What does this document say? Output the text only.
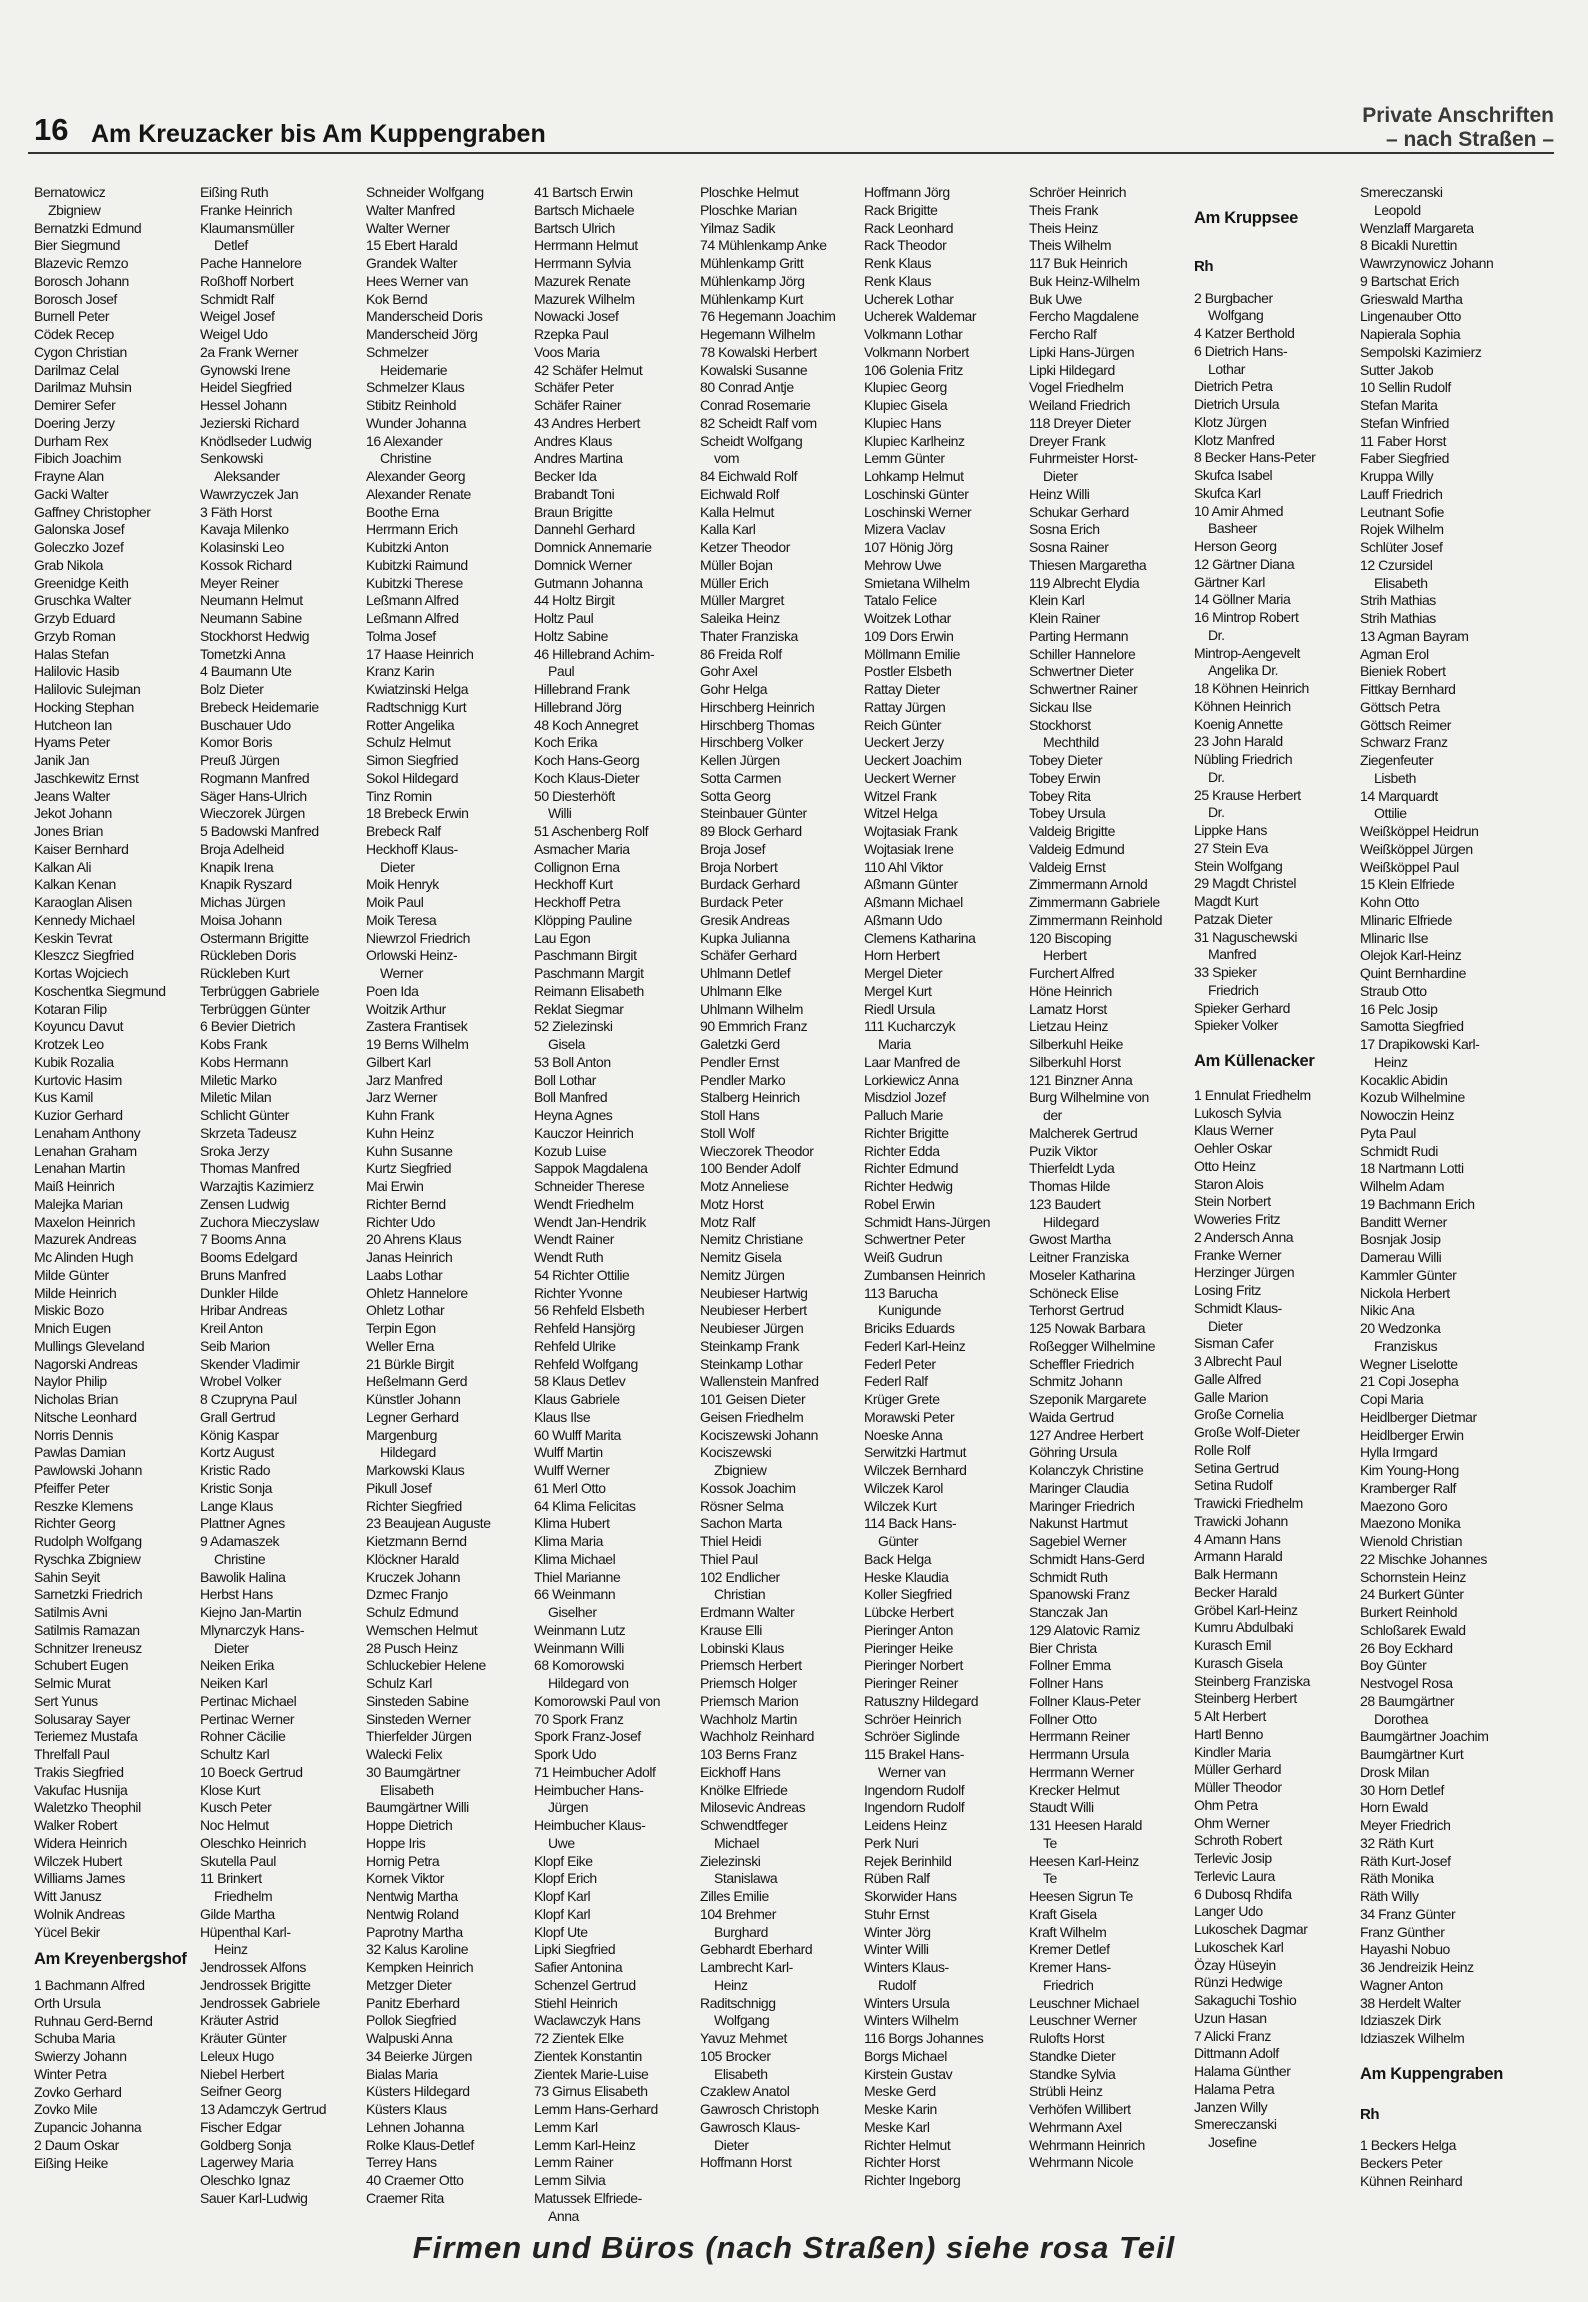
16 Am Kreuzacker bis Am Kuppengraben
Private Anschriften
– nach Straßen –
Bernatowicz
Zbigniew
Bernatzki Edmund
Bier Siegmund
Blazevic Remzo
Borosch Johann
Borosch Josef
Burnell Peter
Cödek Recep
Cygon Christian
Darilmaz Celal
Darilmaz Muhsin
Demirer Sefer
Doering Jerzy
Durham Rex
Fibich Joachim
Frayne Alan
Gacki Walter
Gaffney Christopher
Galonska Josef
Goleczko Jozef
Grab Nikola
Greenidge Keith
Gruschka Walter
Grzyb Eduard
Grzyb Roman
Halas Stefan
Halilovic Hasib
Halilovic Sulejman
Hocking Stephan
Hutcheon Ian
Hyams Peter
Janik Jan
Jaschkewitz Ernst
Jeans Walter
Jekot Johann
Jones Brian
Kaiser Bernhard
Kalkan Ali
Kalkan Kenan
Karaoglan Alisen
Kennedy Michael
Keskin Tevrat
Kleszcz Siegfried
Kortas Wojciech
Koschentka Siegmund
Kotaran Filip
Koyuncu Davut
Krotzek Leo
Kubik Rozalia
Kurtovic Hasim
Kus Kamil
Kuzior Gerhard
Lenaham Anthony
Lenahan Graham
Lenahan Martin
Maiß Heinrich
Malejka Marian
Maxelon Heinrich
Mazurek Andreas
Mc Alinden Hugh
Milde Günter
Milde Heinrich
Miskic Bozo
Mnich Eugen
Mullings Gleveland
Nagorski Andreas
Naylor Philip
Nicholas Brian
Nitsche Leonhard
Norris Dennis
Pawlas Damian
Pawlowski Johann
Pfeiffer Peter
Reszke Klemens
Richter Georg
Rudolph Wolfgang
Ryschka Zbigniew
Sahin Seyit
Sarnetzki Friedrich
Satilmis Avni
Satilmis Ramazan
Schnitzer Ireneusz
Schubert Eugen
Selmic Murat
Sert Yunus
Solusaray Sayer
Teriemez Mustafa
Threlfall Paul
Trakis Siegfried
Vakufac Husnija
Waletzko Theophil
Walker Robert
Widera Heinrich
Wilczek Hubert
Williams James
Witt Janusz
Wolnik Andreas
Yücel Bekir
Am Kreyenbergshof
1 Bachmann Alfred
Orth Ursula
Ruhnau Gerd-Bernd
Schuba Maria
Swierzy Johann
Winter Petra
Zovko Gerhard
Zovko Mile
Zupancic Johanna
2 Daum Oskar
Eißing Heike
Eißing Ruth
Franke Heinrich
Klaumansmüller
Detlef
Pache Hannelore
Roßhoff Norbert
Schmidt Ralf
Weigel Josef
Weigel Udo
2a Frank Werner
Gynowski Irene
Heidel Siegfried
Hessel Johann
Jezierski Richard
Knödlseder Ludwig
Senkowski
Aleksander
Wawrzyczek Jan
3 Fäth Horst
Kavaja Milenko
Kolasinski Leo
Kossok Richard
Meyer Reiner
Neumann Helmut
Neumann Sabine
Stockhorst Hedwig
Tometzki Anna
4 Baumann Ute
Bolz Dieter
Brebeck Heidemarie
Buschauer Udo
Komor Boris
Preuß Jürgen
Rogmann Manfred
Säger Hans-Ulrich
Wieczorek Jürgen
5 Badowski Manfred
Broja Adelheid
Knapik Irena
Knapik Ryszard
Michas Jürgen
Moisa Johann
Ostermann Brigitte
Rückleben Doris
Rückleben Kurt
Terbrüggen Gabriele
Terbrüggen Günter
6 Bevier Dietrich
Kobs Frank
Kobs Hermann
Miletic Marko
Miletic Milan
Schlicht Günter
Skrzeta Tadeusz
Sroka Jerzy
Thomas Manfred
Warzajtis Kazimierz
Zensen Ludwig
Zuchora Mieczyslaw
7 Booms Anna
Booms Edelgard
Bruns Manfred
Dunkler Hilde
Hribar Andreas
Kreil Anton
Seib Marion
Skender Vladimir
Wrobel Volker
8 Czupryna Paul
Grall Gertrud
König Kaspar
Kortz August
Kristic Rado
Kristic Sonja
Lange Klaus
Plattner Agnes
9 Adamaszek
Christine
Bawolik Halina
Herbst Hans
Kiejno Jan-Martin
Mlynarczyk Hans-
Dieter
Neiken Erika
Neiken Karl
Pertinac Michael
Pertinac Werner
Rohner Cäcilie
Schultz Karl
10 Boeck Gertrud
Klose Kurt
Kusch Peter
Noc Helmut
Oleschko Heinrich
Skutella Paul
11 Brinkert
Friedhelm
Gilde Martha
Hüpenthal Karl-
Heinz
Jendrossek Alfons
Jendrossek Brigitte
Jendrossek Gabriele
Kräuter Astrid
Kräuter Günter
Leleux Hugo
Niebel Herbert
Seifner Georg
13 Adamczyk Gertrud
Fischer Edgar
Goldberg Sonja
Lagerwey Maria
Oleschko Ignaz
Sauer Karl-Ludwig
Schneider Wolfgang
Walter Manfred
Walter Werner
15 Ebert Harald
Grandek Walter
Hees Werner van
Kok Bernd
Manderscheid Doris
Manderscheid Jörg
Schmelzer
Heidemarie
Schmelzer Klaus
Stibitz Reinhold
Wunder Johanna
16 Alexander
Christine
Alexander Georg
Alexander Renate
Boothe Erna
Herrmann Erich
Kubitzki Anton
Kubitzki Raimund
Kubitzki Therese
Leßmann Alfred
Leßmann Alfred
Tolma Josef
17 Haase Heinrich
Kranz Karin
Kwiatzinski Helga
Radtschnigg Kurt
Rotter Angelika
Schulz Helmut
Simon Siegfried
Sokol Hildegard
Tinz Romin
18 Brebeck Erwin
Brebeck Ralf
Heckhoff Klaus-
Dieter
Moik Henryk
Moik Paul
Moik Teresa
Niewrzol Friedrich
Orlowski Heinz-
Werner
Poen Ida
Woitzik Arthur
Zastera Frantisek
19 Berns Wilhelm
Gilbert Karl
Jarz Manfred
Jarz Werner
Kuhn Frank
Kuhn Heinz
Kuhn Susanne
Kurtz Siegfried
Mai Erwin
Richter Bernd
Richter Udo
20 Ahrens Klaus
Janas Heinrich
Laabs Lothar
Ohletz Hannelore
Ohletz Lothar
Terpin Egon
Weller Erna
21 Bürkle Birgit
Heßelmann Gerd
Künstler Johann
Legner Gerhard
Margenburg
Hildegard
Markowski Klaus
Pikull Josef
Richter Siegfried
23 Beaujean Auguste
Kietzmann Bernd
Klöckner Harald
Kruczek Johann
Dzmec Franjo
Schulz Edmund
Wemschen Helmut
28 Pusch Heinz
Schluckebier Helene
Schulz Karl
Sinsteden Sabine
Sinsteden Werner
Thierfelder Jürgen
Walecki Felix
30 Baumgärtner
Elisabeth
Baumgärtner Willi
Hoppe Dietrich
Hoppe Iris
Hornig Petra
Kornek Viktor
Nentwig Martha
Nentwig Roland
Paprotny Martha
32 Kalus Karoline
Kempken Heinrich
Metzger Dieter
Panitz Eberhard
Pollok Siegfried
Walpuski Anna
34 Beierke Jürgen
Bialas Maria
Küsters Hildegard
Küsters Klaus
Lehnen Johanna
Rolke Klaus-Detlef
Terrey Hans
40 Craemer Otto
Craemer Rita
41 Bartsch Erwin
Bartsch Michaele
Bartsch Ulrich
Herrmann Helmut
Herrmann Sylvia
Mazurek Renate
Mazurek Wilhelm
Nowacki Josef
Rzepka Paul
Voos Maria
42 Schäfer Helmut
Schäfer Peter
Schäfer Rainer
43 Andres Herbert
Andres Klaus
Andres Martina
Becker Ida
Brabandt Toni
Braun Brigitte
Dannehl Gerhard
Domnick Annemarie
Domnick Werner
Gutmann Johanna
44 Holtz Birgit
Holtz Paul
Holtz Sabine
46 Hillebrand Achim-
Paul
Hillebrand Frank
Hillebrand Jörg
48 Koch Annegret
Koch Erika
Koch Hans-Georg
Koch Klaus-Dieter
50 Diesterhöft
Willi
51 Aschenberg Rolf
Asmacher Maria
Collignon Erna
Heckhoff Kurt
Heckhoff Petra
Klöpping Pauline
Lau Egon
Paschmann Birgit
Paschmann Margit
Reimann Elisabeth
Reklat Siegmar
52 Zielezinski
Gisela
53 Boll Anton
Boll Lothar
Boll Manfred
Heyna Agnes
Kauczor Heinrich
Kozub Luise
Sappok Magdalena
Schneider Therese
Wendt Friedhelm
Wendt Jan-Hendrik
Wendt Rainer
Wendt Ruth
54 Richter Ottilie
Richter Yvonne
56 Rehfeld Elsbeth
Rehfeld Hansjörg
Rehfeld Ulrike
Rehfeld Wolfgang
58 Klaus Detlev
Klaus Gabriele
Klaus Ilse
60 Wulff Marita
Wulff Martin
Wulff Werner
61 Merl Otto
64 Klima Felicitas
Klima Hubert
Klima Maria
Klima Michael
Thiel Marianne
66 Weinmann
Giselher
Weinmann Lutz
Weinmann Willi
68 Komorowski
Hildegard von
Komorowski Paul von
70 Spork Franz
Spork Franz-Josef
Spork Udo
71 Heimbucher Adolf
Heimbucher Hans-
Jürgen
Heimbucher Klaus-
Uwe
Klopf Eike
Klopf Erich
Klopf Karl
Klopf Karl
Klopf Ute
Lipki Siegfried
Safier Antonina
Schenzel Gertrud
Stiehl Heinrich
Waclawczyk Hans
72 Zientek Elke
Zientek Konstantin
Zientek Marie-Luise
73 Girnus Elisabeth
Lemm Hans-Gerhard
Lemm Karl
Lemm Karl-Heinz
Lemm Rainer
Lemm Silvia
Matussek Elfriede-
Anna
Ploschke Helmut
Ploschke Marian
Yilmaz Sadik
74 Mühlenkamp Anke
Mühlenkamp Gritt
Mühlenkamp Jörg
Mühlenkamp Kurt
76 Hegemann Joachim
Hegemann Wilhelm
78 Kowalski Herbert
Kowalski Susanne
80 Conrad Antje
Conrad Rosemarie
82 Scheidt Ralf vom
Scheidt Wolfgang
vom
84 Eichwald Rolf
Eichwald Rolf
Kalla Helmut
Kalla Karl
Ketzer Theodor
Müller Bojan
Müller Erich
Müller Margret
Saleika Heinz
Thater Franziska
86 Freida Rolf
Gohr Axel
Gohr Helga
Hirschberg Heinrich
Hirschberg Thomas
Hirschberg Volker
Kellen Jürgen
Sotta Carmen
Sotta Georg
Steinbauer Günter
89 Block Gerhard
Broja Josef
Broja Norbert
Burdack Gerhard
Burdack Peter
Gresik Andreas
Kupka Julianna
Schäfer Gerhard
Uhlmann Detlef
Uhlmann Elke
Uhlmann Wilhelm
90 Emmrich Franz
Galetzki Gerd
Pendler Ernst
Pendler Marko
Stalberg Heinrich
Stoll Hans
Stoll Wolf
Wieczorek Theodor
100 Bender Adolf
Motz Anneliese
Motz Horst
Motz Ralf
Nemitz Christiane
Nemitz Gisela
Nemitz Jürgen
Neubieser Hartwig
Neubieser Herbert
Neubieser Jürgen
Steinkamp Frank
Steinkamp Lothar
Wallenstein Manfred
101 Geisen Dieter
Geisen Friedhelm
Kociszewski Johann
Kociszewski
Zbigniew
Kossok Joachim
Rösner Selma
Sachon Marta
Thiel Heidi
Thiel Paul
102 Endlicher
Christian
Erdmann Walter
Krause Elli
Lobinski Klaus
Priemsch Herbert
Priemsch Holger
Priemsch Marion
Wachholz Martin
Wachholz Reinhard
103 Berns Franz
Eickhoff Hans
Knölke Elfriede
Milosevic Andreas
Schwendtfeger
Michael
Zielezinski
Stanislawa
Zilles Emilie
104 Brehmer
Burghard
Gebhardt Eberhard
Lambrecht Karl-
Heinz
Raditschnigg
Wolfgang
Yavuz Mehmet
105 Brocker
Elisabeth
Czaklew Anatol
Gawrosch Christoph
Gawrosch Klaus-
Dieter
Hoffmann Horst
Hoffmann Jörg
Rack Brigitte
Rack Leonhard
Rack Theodor
Renk Klaus
Renk Klaus
Ucherek Lothar
Ucherek Waldemar
Volkmann Lothar
Volkmann Norbert
106 Golenia Fritz
Klupiec Georg
Klupiec Gisela
Klupiec Hans
Klupiec Karlheinz
Lemm Günter
Lohkamp Helmut
Loschinski Günter
Loschinski Werner
Mizera Vaclav
107 Hönig Jörg
Mehrow Uwe
Smietana Wilhelm
Tatalo Felice
Woitzek Lothar
109 Dors Erwin
Möllmann Emilie
Postler Elsbeth
Rattay Dieter
Rattay Jürgen
Reich Günter
Ueckert Jerzy
Ueckert Joachim
Ueckert Werner
Witzel Frank
Witzel Helga
Wojtasiak Frank
Wojtasiak Irene
110 Ahl Viktor
Aßmann Günter
Aßmann Michael
Aßmann Udo
Clemens Katharina
Horn Herbert
Mergel Dieter
Mergel Kurt
Riedl Ursula
111 Kucharczyk
Maria
Laar Manfred de
Lorkiewicz Anna
Misdziol Jozef
Palluch Marie
Richter Brigitte
Richter Edda
Richter Edmund
Richter Hedwig
Robel Erwin
Schmidt Hans-Jürgen
Schwertner Peter
Weiß Gudrun
Zumbansen Heinrich
113 Barucha
Kunigunde
Briciks Eduards
Federl Karl-Heinz
Federl Peter
Federl Ralf
Krüger Grete
Morawski Peter
Noeske Anna
Serwitzki Hartmut
Wilczek Bernhard
Wilczek Karol
Wilczek Kurt
114 Back Hans-
Günter
Back Helga
Heske Klaudia
Koller Siegfried
Lübcke Herbert
Pieringer Anton
Pieringer Heike
Pieringer Norbert
Pieringer Reiner
Ratuszny Hildegard
Schröer Heinrich
Schröer Siglinde
115 Brakel Hans-
Werner van
Ingendorn Rudolf
Ingendorn Rudolf
Leidens Heinz
Perk Nuri
Rejek Berinhild
Rüben Ralf
Skorwider Hans
Stuhr Ernst
Winter Jörg
Winter Willi
Winters Klaus-
Rudolf
Winters Ursula
Winters Wilhelm
116 Borgs Johannes
Borgs Michael
Kirstein Gustav
Meske Gerd
Meske Karin
Meske Karl
Richter Helmut
Richter Horst
Richter Ingeborg
Schröer Heinrich
Theis Frank
Theis Heinz
Theis Wilhelm
117 Buk Heinrich
Buk Heinz-Wilhelm
Buk Uwe
Fercho Magdalene
Fercho Ralf
Lipki Hans-Jürgen
Lipki Hildegard
Vogel Friedhelm
Weiland Friedrich
118 Dreyer Dieter
Dreyer Frank
Fuhrmeister Horst-
Dieter
Heinz Willi
Schukar Gerhard
Sosna Erich
Sosna Rainer
Thiesen Margaretha
119 Albrecht Elydia
Klein Karl
Klein Rainer
Parting Hermann
Schiller Hannelore
Schwertner Dieter
Schwertner Rainer
Sickau Ilse
Stockhorst
Mechthild
Tobey Dieter
Tobey Erwin
Tobey Rita
Tobey Ursula
Valdeig Brigitte
Valdeig Edmund
Valdeig Ernst
Zimmermann Arnold
Zimmermann Gabriele
Zimmermann Reinhold
120 Biscoping
Herbert
Furchert Alfred
Höne Heinrich
Lamatz Horst
Lietzau Heinz
Silberkuhl Heike
Silberkuhl Horst
121 Binzner Anna
Burg Wilhelmine von
der
Malcherek Gertrud
Puzik Viktor
Thierfeldt Lyda
Thomas Hilde
123 Baudert
Hildegard
Gwost Martha
Leitner Franziska
Moseler Katharina
Schöneck Elise
Terhorst Gertrud
125 Nowak Barbara
Roßegger Wilhelmine
Scheffler Friedrich
Schmitz Johann
Szeponik Margarete
Waida Gertrud
127 Andree Herbert
Göhring Ursula
Kolanczyk Christine
Maringer Claudia
Maringer Friedrich
Nakunst Hartmut
Sagebiel Werner
Schmidt Hans-Gerd
Schmidt Ruth
Spanowski Franz
Stanczak Jan
129 Alatovic Ramiz
Bier Christa
Follner Emma
Follner Hans
Follner Klaus-Peter
Follner Otto
Herrmann Reiner
Herrmann Ursula
Herrmann Werner
Krecker Helmut
Staudt Willi
131 Heesen Harald
Te
Heesen Karl-Heinz
Te
Heesen Sigrun Te
Kraft Gisela
Kraft Wilhelm
Kremer Detlef
Kremer Hans-
Friedrich
Leuschner Michael
Leuschner Werner
Rulofts Horst
Standke Dieter
Standke Sylvia
Strübli Heinz
Verhöfen Willibert
Wehrmann Axel
Wehrmann Heinrich
Wehrmann Nicole
Am Kruppsee
Rh
2 Burgbacher
Wolfgang
4 Katzer Berthold
6 Dietrich Hans-
Lothar
Dietrich Petra
Dietrich Ursula
Klotz Jürgen
Klotz Manfred
8 Becker Hans-Peter
Skufca Isabel
Skufca Karl
10 Amir Ahmed
Basheer
Herson Georg
12 Gärtner Diana
Gärtner Karl
14 Göllner Maria
16 Mintrop Robert
Dr.
Mintrop-Aengevelt
Angelika Dr.
18 Köhnen Heinrich
Köhnen Heinrich
Koenig Annette
23 John Harald
Nübling Friedrich
Dr.
25 Krause Herbert
Dr.
Lippke Hans
27 Stein Eva
Stein Wolfgang
29 Magdt Christel
Magdt Kurt
Patzak Dieter
31 Naguschewski
Manfred
33 Spieker
Friedrich
Spieker Gerhard
Spieker Volker
Am Küllenacker
1 Ennulat Friedhelm
Lukosch Sylvia
Klaus Werner
Oehler Oskar
Otto Heinz
Staron Alois
Stein Norbert
Woweries Fritz
2 Andersch Anna
Franke Werner
Herzinger Jürgen
Losing Fritz
Schmidt Klaus-
Dieter
Sisman Cafer
3 Albrecht Paul
Galle Alfred
Galle Marion
Große Cornelia
Große Wolf-Dieter
Rolle Rolf
Setina Gertrud
Setina Rudolf
Trawicki Friedhelm
Trawicki Johann
4 Amann Hans
Armann Harald
Balk Hermann
Becker Harald
Gröbel Karl-Heinz
Kumru Abdulbaki
Kurasch Emil
Kurasch Gisela
Steinberg Franziska
Steinberg Herbert
5 Alt Herbert
Hartl Benno
Kindler Maria
Müller Gerhard
Müller Theodor
Ohm Petra
Ohm Werner
Schroth Robert
Terlevic Josip
Terlevic Laura
6 Dubosq Rhdifa
Langer Udo
Lukoschek Dagmar
Lukoschek Karl
Özay Hüseyin
Rünzi Hedwige
Sakaguchi Toshio
Uzun Hasan
7 Alicki Franz
Dittmann Adolf
Halama Günther
Halama Petra
Janzen Willy
Smereczanski
Josefine
Smereczanski
Leopold
Wenzlaff Margareta
8 Bicakli Nurettin
Wawrzynowicz Johann
9 Bartschat Erich
Grieswald Martha
Lingenauber Otto
Napierala Sophia
Sempolski Kazimierz
Sutter Jakob
10 Sellin Rudolf
Stefan Marita
Stefan Winfried
11 Faber Horst
Faber Siegfried
Kruppa Willy
Lauff Friedrich
Leutnant Sofie
Rojek Wilhelm
Schlüter Josef
12 Czursidel
Elisabeth
Strih Mathias
Strih Mathias
13 Agman Bayram
Agman Erol
Bieniek Robert
Fittkay Bernhard
Göttsch Petra
Göttsch Reimer
Schwarz Franz
Ziegenfeuter
Lisbeth
14 Marquardt
Ottilie
Weißköppel Heidrun
Weißköppel Jürgen
Weißköppel Paul
15 Klein Elfriede
Kohn Otto
Mlinaric Elfriede
Mlinaric Ilse
Olejok Karl-Heinz
Quint Bernhardine
Straub Otto
16 Pelc Josip
Samotta Siegfried
17 Drapikowski Karl-
Heinz
Kocaklic Abidin
Kozub Wilhelmine
Nowoczin Heinz
Pyta Paul
Schmidt Rudi
18 Nartmann Lotti
Wilhelm Adam
19 Bachmann Erich
Banditt Werner
Bosnjak Josip
Damerau Willi
Kammler Günter
Nickola Herbert
Nikic Ana
20 Wedzonka
Franziskus
Wegner Liselotte
21 Copi Josepha
Copi Maria
Heidlberger Dietmar
Heidlberger Erwin
Hylla Irmgard
Kim Young-Hong
Kramberger Ralf
Maezono Goro
Maezono Monika
Wienold Christian
22 Mischke Johannes
Schornstein Heinz
24 Burkert Günter
Burkert Reinhold
Schloßarek Ewald
26 Boy Eckhard
Boy Günter
Nestvogel Rosa
28 Baumgärtner
Dorothea
Baumgärtner Joachim
Baumgärtner Kurt
Drosk Milan
30 Horn Detlef
Horn Ewald
Meyer Friedrich
32 Räth Kurt
Räth Kurt-Josef
Räth Monika
Räth Willy
34 Franz Günter
Franz Günther
Hayashi Nobuo
36 Jendreizik Heinz
Wagner Anton
38 Herdelt Walter
Idziaszek Dirk
Idziaszek Wilhelm
Am Kuppengraben
Rh
1 Beckers Helga
Beckers Peter
Kühnen Reinhard
Firmen und Büros (nach Straßen) siehe rosa Teil
